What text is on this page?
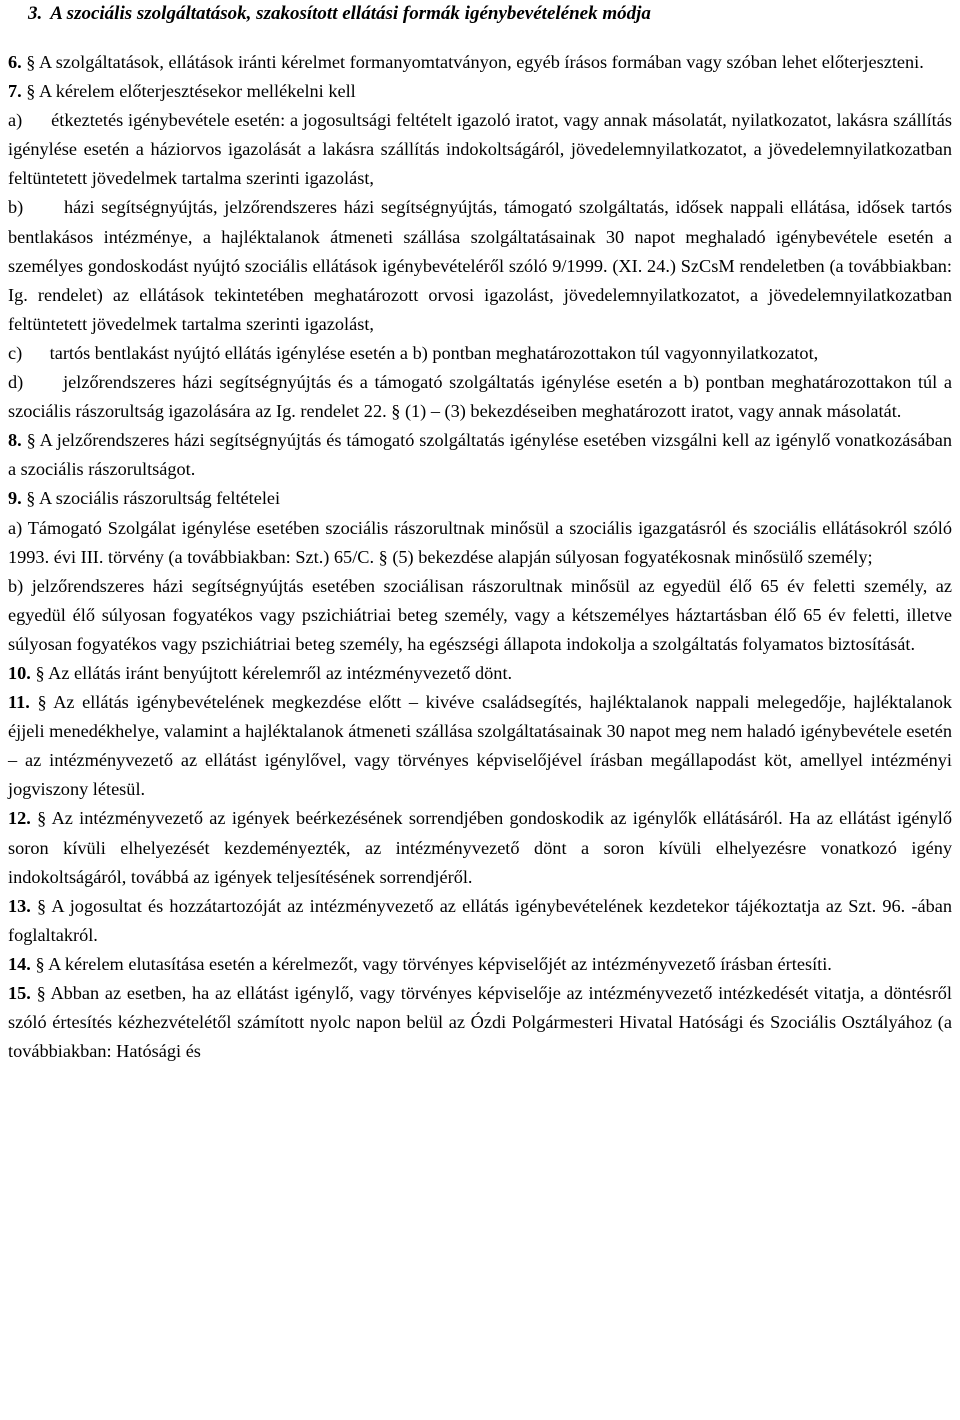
3. A szociális szolgáltatások, szakosított ellátási formák igénybevételének módja

6. § A szolgáltatások, ellátások iránti kérelmet formanyomtatványon, egyéb írásos formában vagy szóban lehet előterjeszteni.

7. § A kérelem előterjesztésekor mellékelni kell

a)      étkeztetés igénybevétele esetén: a jogosultsági feltételt igazoló iratot, vagy annak másolatát, nyilatkozatot, lakásra szállítás igénylése esetén a háziorvos igazolását a lakásra szállítás indokoltságáról, jövedelemnyilatkozatot, a jövedelemnyilatkozatban feltüntetett jövedelmek tartalma szerinti igazolást,

b)      házi segítségnyújtás, jelzőrendszeres házi segítségnyújtás, támogató szolgáltatás, idősek nappali ellátása, idősek tartós bentlakásos intézménye, a hajléktalanok átmeneti szállása szolgáltatásainak 30 napot meghaladó igénybevétele esetén a személyes gondoskodást nyújtó szociális ellátások igénybevételéről szóló 9/1999. (XI. 24.) SzCsM rendeletben (a továbbiakban: Ig. rendelet) az ellátások tekintetében meghatározott orvosi igazolást, jövedelemnyilatkozatot, a jövedelemnyilatkozatban feltüntetett jövedelmek tartalma szerinti igazolást,

c)      tartós bentlakást nyújtó ellátás igénylése esetén a b) pontban meghatározottakon túl vagyonnyilatkozatot,

d)      jelzőrendszeres házi segítségnyújtás és a támogató szolgáltatás igénylése esetén a b) pontban meghatározottakon túl a szociális rászorultság igazolására az Ig. rendelet 22. § (1) – (3) bekezdéseiben meghatározott iratot, vagy annak másolatát.

8. § A jelzőrendszeres házi segítségnyújtás és támogató szolgáltatás igénylése esetében vizsgálni kell az igénylő vonatkozásában a szociális rászorultságot.

9. § A szociális rászorultság feltételei

a) Támogató Szolgálat igénylése esetében szociális rászorultnak minősül a szociális igazgatásról és szociális ellátásokról szóló 1993. évi III. törvény (a továbbiakban: Szt.) 65/C. § (5) bekezdése alapján súlyosan fogyatékosnak minősülő személy;

b) jelzőrendszeres házi segítségnyújtás esetében szociálisan rászorultnak minősül az egyedül élő 65 év feletti személy, az egyedül élő súlyosan fogyatékos vagy pszichiátriai beteg személy, vagy a kétszemélyes háztartásban élő 65 év feletti, illetve súlyosan fogyatékos vagy pszichiátriai beteg személy, ha egészségi állapota indokolja a szolgáltatás folyamatos biztosítását.

10. § Az ellátás iránt benyújtott kérelemről az intézményvezető dönt.

11. § Az ellátás igénybevételének megkezdése előtt – kivéve családsegítés, hajléktalanok nappali melegedője, hajléktalanok éjjeli menedékhelye, valamint a hajléktalanok átmeneti szállása szolgáltatásainak 30 napot meg nem haladó igénybevétele esetén – az intézményvezető az ellátást igénylővel, vagy törvényes képviselőjével írásban megállapodást köt, amellyel intézményi jogviszony létesül.

12. § Az intézményvezető az igények beérkezésének sorrendjében gondoskodik az igénylők ellátásáról. Ha az ellátást igénylő soron kívüli elhelyezését kezdeményezték, az intézményvezető dönt a soron kívüli elhelyezésre vonatkozó igény indokoltságáról, továbbá az igények teljesítésének sorrendjéről.

13. § A jogosultat és hozzátartozóját az intézményvezető az ellátás igénybevételének kezdetekor tájékoztatja az Szt. 96. -ában foglaltakról.

14. § A kérelem elutasítása esetén a kérelmezőt, vagy törvényes képviselőjét az intézményvezető írásban értesíti.

15. § Abban az esetben, ha az ellátást igénylő, vagy törvényes képviselője az intézményvezető intézkedését vitatja, a döntésről szóló értesítés kézhezvételétől számított nyolc napon belül az Ózdi Polgármesteri Hivatal Hatósági és Szociális Osztályához (a továbbiakban: Hatósági és
